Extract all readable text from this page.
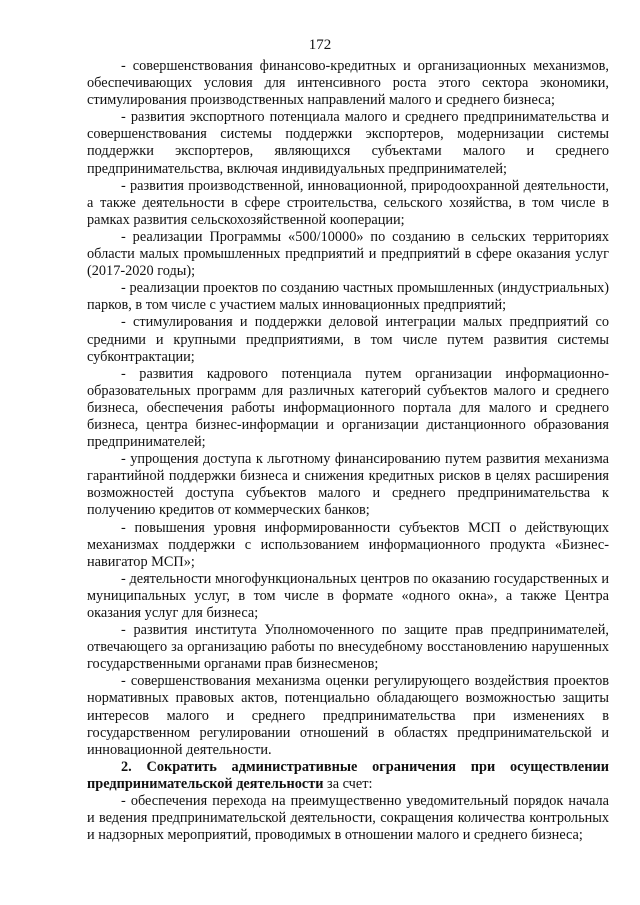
172

- совершенствования финансово-кредитных и организационных механизмов, обеспечивающих условия для интенсивного роста этого сектора экономики, стимулирования производственных направлений малого и среднего бизнеса;

- развития экспортного потенциала малого и среднего предпринимательства и совершенствования системы поддержки экспортеров, модернизации системы поддержки экспортеров, являющихся субъектами малого и среднего предпринимательства, включая индивидуальных предпринимателей;

- развития производственной, инновационной, природоохранной деятельности, а также деятельности в сфере строительства, сельского хозяйства, в том числе в рамках развития сельскохозяйственной кооперации;

- реализации Программы «500/10000» по созданию в сельских территориях области малых промышленных предприятий и предприятий в сфере оказания услуг (2017-2020 годы);

- реализации проектов по созданию частных промышленных (индустриальных) парков, в том числе с участием малых инновационных предприятий;

- стимулирования и поддержки деловой интеграции малых предприятий со средними и крупными предприятиями, в том числе путем развития системы субконтрактации;

- развития кадрового потенциала путем организации информационно-образовательных программ для различных категорий субъектов малого и среднего бизнеса, обеспечения работы информационного портала для малого и среднего бизнеса, центра бизнес-информации и организации дистанционного образования предпринимателей;

- упрощения доступа к льготному финансированию путем развития механизма гарантийной поддержки бизнеса и снижения кредитных рисков в целях расширения возможностей доступа субъектов малого и среднего предпринимательства к получению кредитов от коммерческих банков;

- повышения уровня информированности субъектов МСП о действующих механизмах поддержки с использованием информационного продукта «Бизнес-навигатор МСП»;

- деятельности многофункциональных центров по оказанию государственных и муниципальных услуг, в том числе в формате «одного окна», а также Центра оказания услуг для бизнеса;

- развития института Уполномоченного по защите прав предпринимателей, отвечающего за организацию работы по внесудебному восстановлению нарушенных государственными органами прав бизнесменов;

- совершенствования механизма оценки регулирующего воздействия проектов нормативных правовых актов, потенциально обладающего возможностью защиты интересов малого и среднего предпринимательства при изменениях в государственном регулировании отношений в областях предпринимательской и инновационной деятельности.

2. Сократить административные ограничения при осуществлении предпринимательской деятельности за счет:

- обеспечения перехода на преимущественно уведомительный порядок начала и ведения предпринимательской деятельности, сокращения количества контрольных и надзорных мероприятий, проводимых в отношении малого и среднего бизнеса;
